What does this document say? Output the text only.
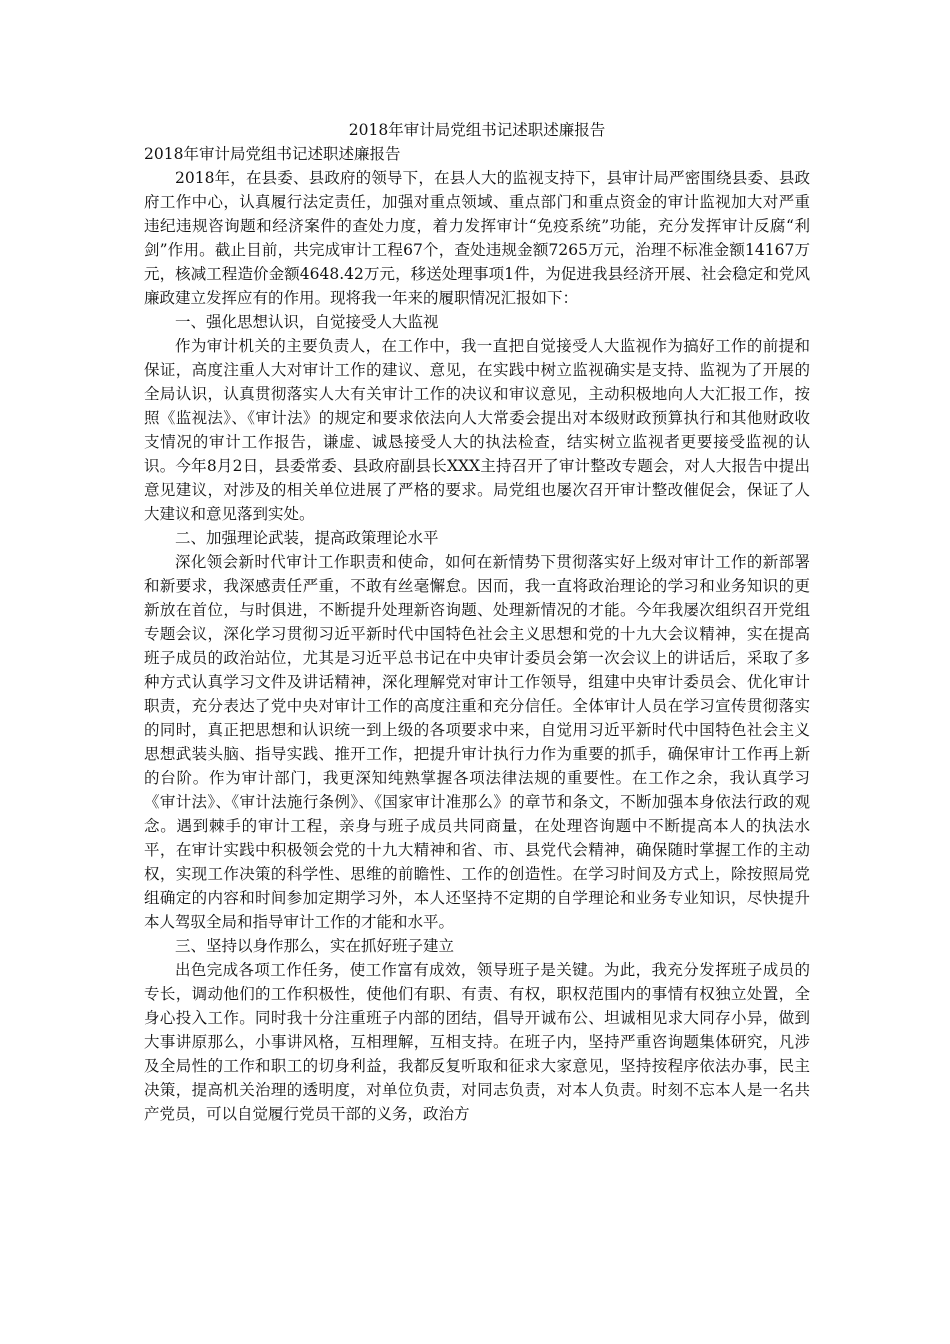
2018年审计局党组书记述职述廉报告
2018年审计局党组书记述职述廉报告

2018年，在县委、县政府的领导下，在县人大的监视支持下，县审计局严密围绕县委、县政府工作中心，认真履行法定责任，加强对重点领域、重点部门和重点资金的审计监视加大对严重违纪违规咨询题和经济案件的查处力度，着力发挥审计“免疫系统”功能，充分发挥审计反腐“利剑”作用。截止目前，共完成审计工程67个，查处违规金额7265万元，治理不标准金额14167万元，核减工程造价金额4648.42万元，移送处理事项1件，为促进我县经济开展、社会稳定和党风廉政建立发挥应有的作用。现将我一年来的履职情况汇报如下：

一、强化思想认识，自觉接受人大监视

作为审计机关的主要负责人，在工作中，我一直把自觉接受人大监视作为搞好工作的前提和保证，高度注重人大对审计工作的建议、意见，在实践中树立监视确实是支持、监视为了开展的全局认识，认真贯彻落实人大有关审计工作的决议和审议意见，主动积极地向人大汇报工作，按照《监视法》、《审计法》的规定和要求依法向人大常委会提出对本级财政预算执行和其他财政收支情况的审计工作报告，谦虚、诚恳接受人大的执法检查，结实树立监视者更要接受监视的认识。今年8月2日，县委常委、县政府副县长XXX主持召开了审计整改专题会，对人大报告中提出意见建议，对涉及的相关单位进展了严格的要求。局党组也屡次召开审计整改催促会，保证了人大建议和意见落到实处。

二、加强理论武装，提高政策理论水平

深化领会新时代审计工作职责和使命，如何在新情势下贯彻落实好上级对审计工作的新部署和新要求，我深感责任严重，不敢有丝毫懈怠。因而，我一直将政治理论的学习和业务知识的更新放在首位，与时俱进，不断提升处理新咨询题、处理新情况的才能。今年我屡次组织召开党组专题会议，深化学习贯彻习近平新时代中国特色社会主义思想和党的十九大会议精神，实在提高班子成员的政治站位，尤其是习近平总书记在中央审计委员会第一次会议上的讲话后，采取了多种方式认真学习文件及讲话精神，深化理解党对审计工作领导，组建中央审计委员会、优化审计职责，充分表达了党中央对审计工作的高度注重和充分信任。全体审计人员在学习宣传贯彻落实的同时，真正把思想和认识统一到上级的各项要求中来，自觉用习近平新时代中国特色社会主义思想武装头脑、指导实践、推开工作，把提升审计执行力作为重要的抓手，确保审计工作再上新的台阶。作为审计部门，我更深知纯熟掌握各项法律法规的重要性。在工作之余，我认真学习《审计法》、《审计法施行条例》、《国家审计准那么》的章节和条文，不断加强本身依法行政的观念。遇到棘手的审计工程，亲身与班子成员共同商量，在处理咨询题中不断提高本人的执法水平，在审计实践中积极领会党的十九大精神和省、市、县党代会精神，确保随时掌握工作的主动权，实现工作决策的科学性、思维的前瞻性、工作的创造性。在学习时间及方式上，除按照局党组确定的内容和时间参加定期学习外，本人还坚持不定期的自学理论和业务专业知识，尽快提升本人驾驭全局和指导审计工作的才能和水平。

三、坚持以身作那么，实在抓好班子建立

出色完成各项工作任务，使工作富有成效，领导班子是关键。为此，我充分发挥班子成员的专长，调动他们的工作积极性，使他们有职、有责、有权，职权范围内的事情有权独立处置，全身心投入工作。同时我十分注重班子内部的团结，倡导开诚布公、坦诚相见求大同存小异，做到大事讲原那么，小事讲风格，互相理解，互相支持。在班子内，坚持严重咨询题集体研究，凡涉及全局性的工作和职工的切身利益，我都反复听取和征求大家意见，坚持按程序依法办事，民主决策，提高机关治理的透明度，对单位负责，对同志负责，对本人负责。时刻不忘本人是一名共产党员，可以自觉履行党员干部的义务，政治方
